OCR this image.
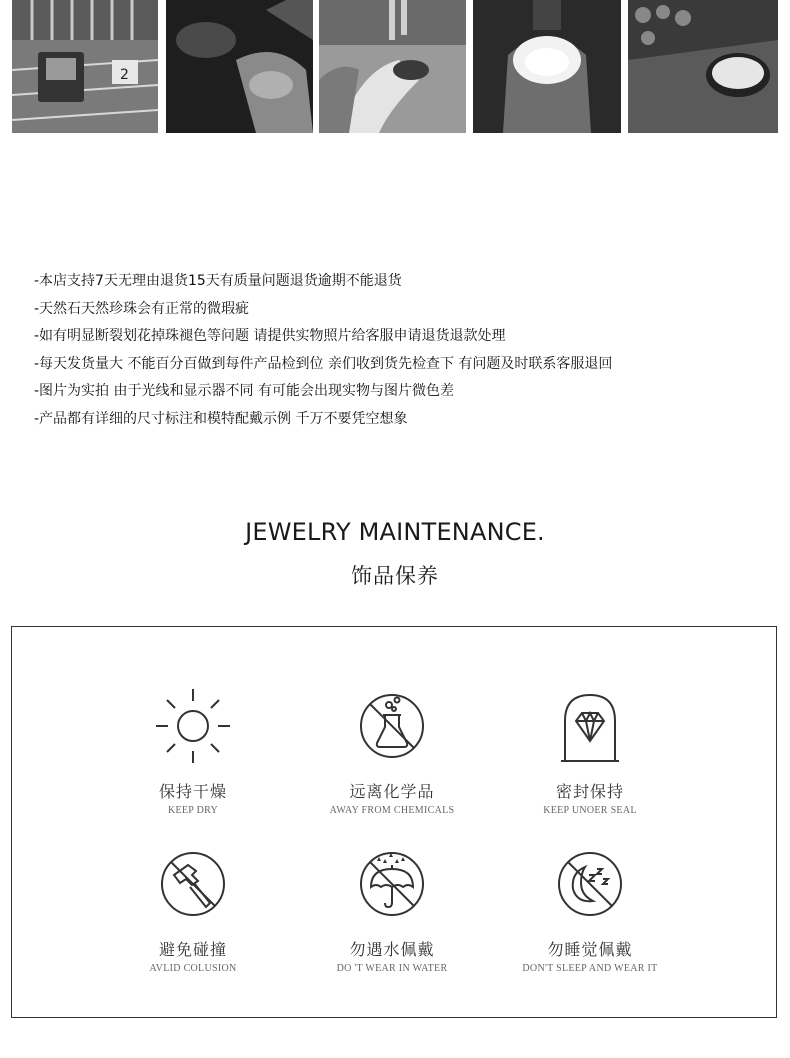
2
-本店支持7天无理由退货15天有质量问题退货逾期不能退货
-天然石天然珍珠会有正常的微瑕疵
-如有明显断裂划花掉珠褪色等问题 请提供实物照片给客服申请退货退款处理
-每天发货量大 不能百分百做到每件产品检到位 亲们收到货先检查下 有问题及时联系客服退回
-图片为实拍 由于光线和显示器不同 有可能会出现实物与图片微色差
-产品都有详细的尺寸标注和模特配戴示例 千万不要凭空想象
JEWELRY MAINTENANCE.
饰品保养
保持干燥
KEEP DRY
远离化学品
AWAY FROM CHEMICALS
密封保持
KEEP UNOER SEAL
避免碰撞
AVLID COLUSION
勿遇水佩戴
DO 'T WEAR IN WATER
勿睡觉佩戴
DON'T SLEEP AND WEAR IT
